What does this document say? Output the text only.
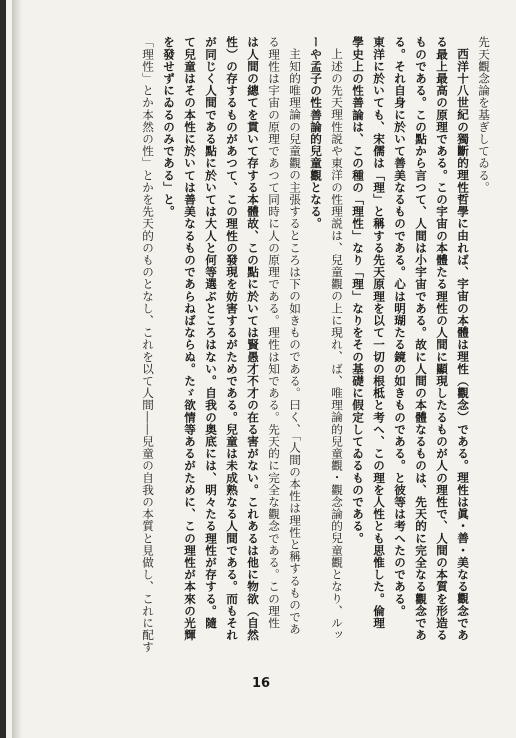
先天觀念論を基ぎしてゐる。

西洋十八世紀の獨斷的理性哲學に由れば、宇宙の本體は理性（觀念）である。理性は眞・善・美なる觀念であ

る最上最高の原理である。この宇宙の本體たる理性の人間に顯現したるものが人の理性で、人間の本質を形造る

ものである。この點から言つて、人間は小宇宙である。故に人間の本體なるものは、先天的に完全なる觀念であ

る。それ自身に於いて善美なるものである。心は明瑚たる鏡の如きものである。と彼等は考へたのである。

東洋に於いても、宋儒は「理」と稱する先天原理を以て一切の根柢と考へ、この理を人性とも思惟した。倫理

學史上の性善論は、この種の「理性」なり「理」なりをその基礎に假定してゐるものである。

上述の先天理性説や東洋の性理説は、兒童觀の上に現れ、ば、唯理論的兒童觀・觀念論的兒童觀となり、ルッ

ーや孟子の性善論的兒童觀となる。

主知的唯理論の兒童觀の主張するところは下の如きものである。曰く、「人間の本性は理性と稱するものであ

る理性は宇宙の原理であつて同時に人の原理である。理性は知である。先天的に完全な觀念である。この理性

は人間の總てを貫いて存する本體故、この點に於いては賢愚才不才の在る害がない。これあるは他に物欲（自然

性）の存するものがあつて、この理性の發現を妨害するがためである。兒童は未成熟なる人間である。而もそれ

が同じく人間である點に於いては大人と何等選ぶところはない。自我の奥底には、明々たる理性が存する。隨

て兒童はその本性に於いては善美なるものであらねばならぬ。たゞ欲情等あるがために、この理性が本來の光輝

を發せずにゐるのみである」と。

「理性」とか本然の性」とかを先天的のものとなし、これを以て人間――兒童の自我の本質と見做し、これに配す

16
